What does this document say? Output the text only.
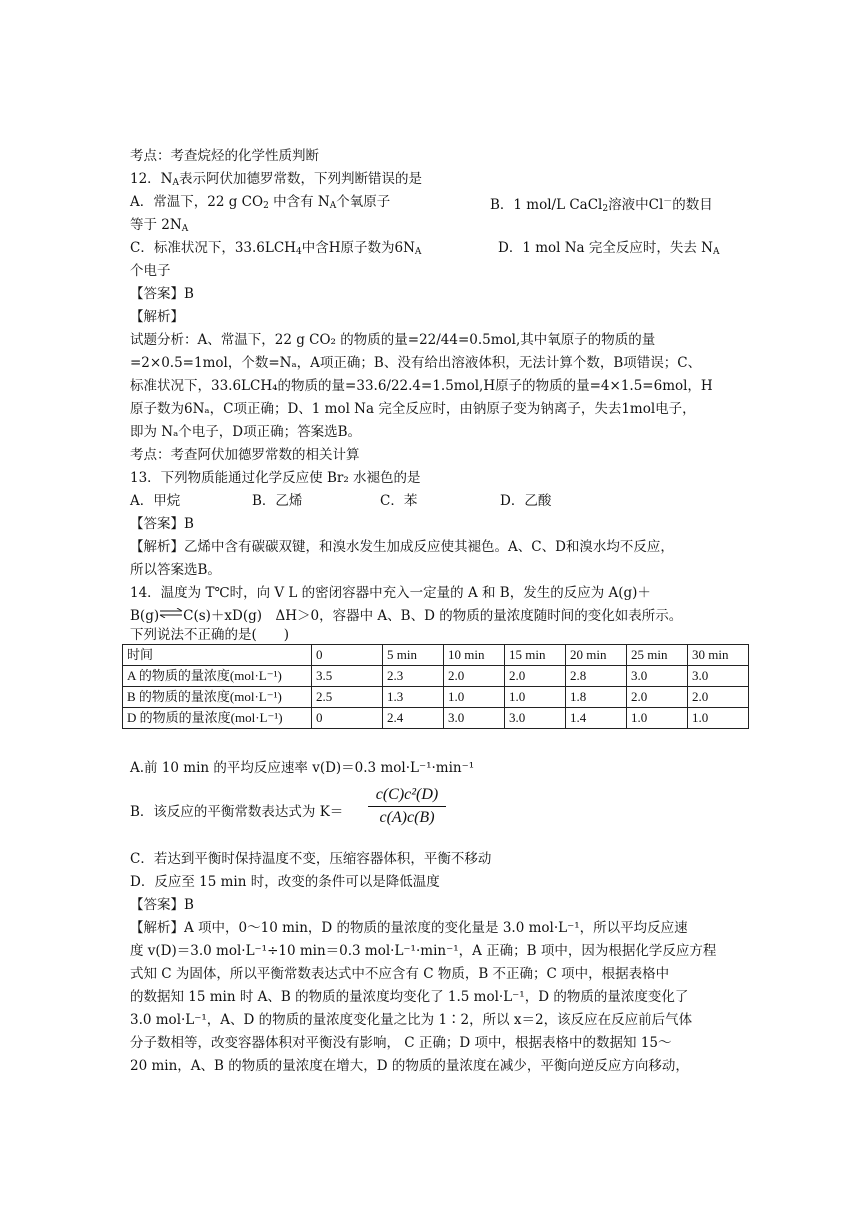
考点：考查烷烃的化学性质判断
12．$N_A$表示阿伏加德罗常数，下列判断错误的是
A．常温下，22 g $CO_2$ 中含有 $N_A$个氧原子	B．1 mol/L CaCl$_2$溶液中Cl－的数目
等于 $2N_A$
C．标准状况下，$33.6LCH_4$中含H原子数为$6N_A$	D．1 mol Na 完全反应时，失去 $N_A$
个电子
【答案】B
【解析】
试题分析：A、常温下，22 g CO₂ 的物质的量=22/44=0.5mol,其中氧原子的物质的量
=2×0.5=1mol，个数=Nₐ，A项正确；B、没有给出溶液体积，无法计算个数，B项错误；C、
标准状况下，33.6LCH₄的物质的量=33.6/22.4=1.5mol,H原子的物质的量=4×1.5=6mol，H
原子数为6Nₐ，C项正确；D、1 mol Na 完全反应时，由钠原子变为钠离子，失去1mol电子，
即为 Nₐ个电子，D项正确；答案选B。
考点：考查阿伏加德罗常数的相关计算
13．下列物质能通过化学反应使 Br₂ 水褪色的是
A．甲烷	B．乙烯	C．苯	D．乙酸
【答案】B
【解析】乙烯中含有碳碳双键，和溴水发生加成反应使其褪色。A、C、D和溴水均不反应，
所以答案选B。
14．温度为 T℃时，向 V L 的密闭容器中充入一定量的 A 和 B，发生的反应为 A(g)＋
B(g)⇌C(s)＋xD(g)　ΔH＞0，容器中 A、B、D 的物质的量浓度随时间的变化如表所示。
下列说法不正确的是(　　)
时间	0	5 min	10 min	15 min	20 min	25 min	30 min
A 的物质的量浓度(mol·L⁻¹)	3.5	2.3	2.0	2.0	2.8	3.0	3.0
B 的物质的量浓度(mol·L⁻¹)	2.5	1.3	1.0	1.0	1.8	2.0	2.0
D 的物质的量浓度(mol·L⁻¹)	0	2.4	3.0	3.0	1.4	1.0	1.0
A.前 10 min 的平均反应速率 v(D)＝0.3 mol·L⁻¹·min⁻¹
B．该反应的平衡常数表达式为 K＝
c(C)c²(D)
c(A)c(B)
C．若达到平衡时保持温度不变，压缩容器体积，平衡不移动
D．反应至 15 min 时，改变的条件可以是降低温度
【答案】B
【解析】A 项中，0～10 min，D 的物质的量浓度的变化量是 3.0 mol·L⁻¹，所以平均反应速
度 v(D)＝3.0 mol·L⁻¹÷10 min＝0.3 mol·L⁻¹·min⁻¹，A 正确；B 项中，因为根据化学反应方程
式知 C 为固体，所以平衡常数表达式中不应含有 C 物质，B 不正确；C 项中，根据表格中
的数据知 15 min 时 A、B 的物质的量浓度均变化了 1.5 mol·L⁻¹，D 的物质的量浓度变化了
3.0 mol·L⁻¹，A、D 的物质的量浓度变化量之比为 1∶2，所以 x＝2，该反应在反应前后气体
分子数相等，改变容器体积对平衡没有影响， C 正确；D 项中，根据表格中的数据知 15～
20 min，A、B 的物质的量浓度在增大，D 的物质的量浓度在减少，平衡向逆反应方向移动，
